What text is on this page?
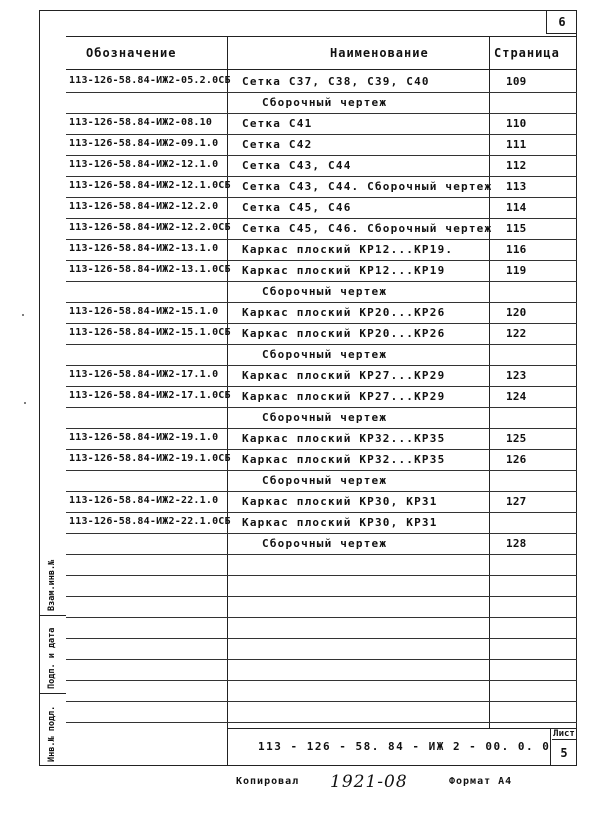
6
Обозначение	Наименование	Страница
113-126-58.84-ИЖ2-05.2.0СБ Сетка С37, С38, С39, С40	109
Сборочный чертеж
113-126-58.84-ИЖ2-08.10	Сетка С41	110
113-126-58.84-ИЖ2-09.1.0 Сетка С42	111
113-126-58.84-ИЖ2-12.1.0 Сетка С43, С44	112
113-126-58.84-ИЖ2-12.1.0СБ Сетка С43, С44. Сборочный чертеж 113
113-126-58.84-ИЖ2-12.2.0 Сетка С45, С46	114
113-126-58.84-ИЖ2-12.2.0СБ Сетка С45, С46. Сборочный чертеж 115
113-126-58.84-ИЖ2-13.1.0 Каркас плоский КР12...КР19.	116
113-126-58.84-ИЖ2-13.1.0СБ Каркас плоский КР12...КР19	119
Сборочный чертеж
113-126-58.84-ИЖ2-15.1.0 Каркас плоский КР20...КР26	120
113-126-58.84-ИЖ2-15.1.0СБ Каркас плоский КР20...КР26	122
Сборочный чертеж
113-126-58.84-ИЖ2-17.1.0 Каркас плоский КР27...КР29	123
113-126-58.84-ИЖ2-17.1.0СБ Каркас плоский КР27...КР29	124
Сборочный чертеж
113-126-58.84-ИЖ2-19.1.0 Каркас плоский КР32...КР35	125
113-126-58.84-ИЖ2-19.1.0СБ Каркас плоский КР32...КР35	126
Сборочный чертеж
113-126-58.84-ИЖ2-22.1.0 Каркас плоский КР30, КР31	127
113-126-58.84-ИЖ2-22.1.0СБ Каркас плоский КР30, КР31
Сборочный чертеж	128
Взам.инв.№
Подп. и дата
Инв.№ подл.	113 - 126 - 58. 84 - ИЖ 2 - 00. 0. 0
Лист
5
Копировал 1921-08	Формат А4
